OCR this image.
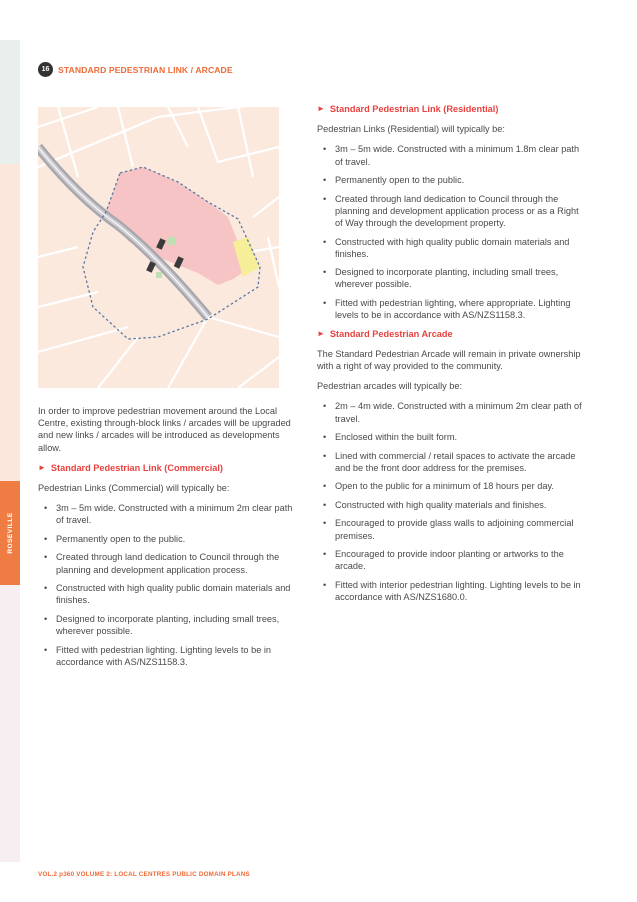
16	STANDARD PEDESTRIAN LINK / ARCADE
In order to improve pedestrian movement around the Local Centre, existing through-block links / arcades will be upgraded and new links / arcades will be introduced as developments allow.
► Standard Pedestrian Link (Commercial)
Pedestrian Links (Commercial) will typically be:
• 3m – 5m wide. Constructed with a minimum 2m clear path of travel.
• Permanently open to the public.
• Created through land dedication to Council through the planning and development application process.
• Constructed with high quality public domain materials and finishes.
• Designed to incorporate planting, including small trees, wherever possible.
• Fitted with pedestrian lighting. Lighting levels to be in accordance with AS/NZS1158.3.
► Standard Pedestrian Link (Residential)
Pedestrian Links (Residential) will typically be:
• 3m – 5m wide. Constructed with a minimum 1.8m clear path of travel.
• Permanently open to the public.
• Created through land dedication to Council through the planning and development application process or as a Right of Way through the development property.
• Constructed with high quality public domain materials and finishes.
• Designed to incorporate planting, including small trees, wherever possible.
• Fitted with pedestrian lighting, where appropriate. Lighting levels to be in accordance with AS/NZS1158.3.
► Standard Pedestrian Arcade
The Standard Pedestrian Arcade will remain in private ownership with a right of way provided to the community.
Pedestrian arcades will typically be:
• 2m – 4m wide. Constructed with a minimum 2m clear path of travel.
• Enclosed within the built form.
• Lined with commercial / retail spaces to activate the arcade and be the front door address for the premises.
• Open to the public for a minimum of 18 hours per day.
• Constructed with high quality materials and finishes.
• Encouraged to provide glass walls to adjoining commercial premises.
• Encouraged to provide indoor planting or artworks to the arcade.
• Fitted with interior pedestrian lighting. Lighting levels to be in accordance with AS/NZS1680.0.
VOL.2 p360 VOLUME 2: LOCAL CENTRES PUBLIC DOMAIN PLANS
